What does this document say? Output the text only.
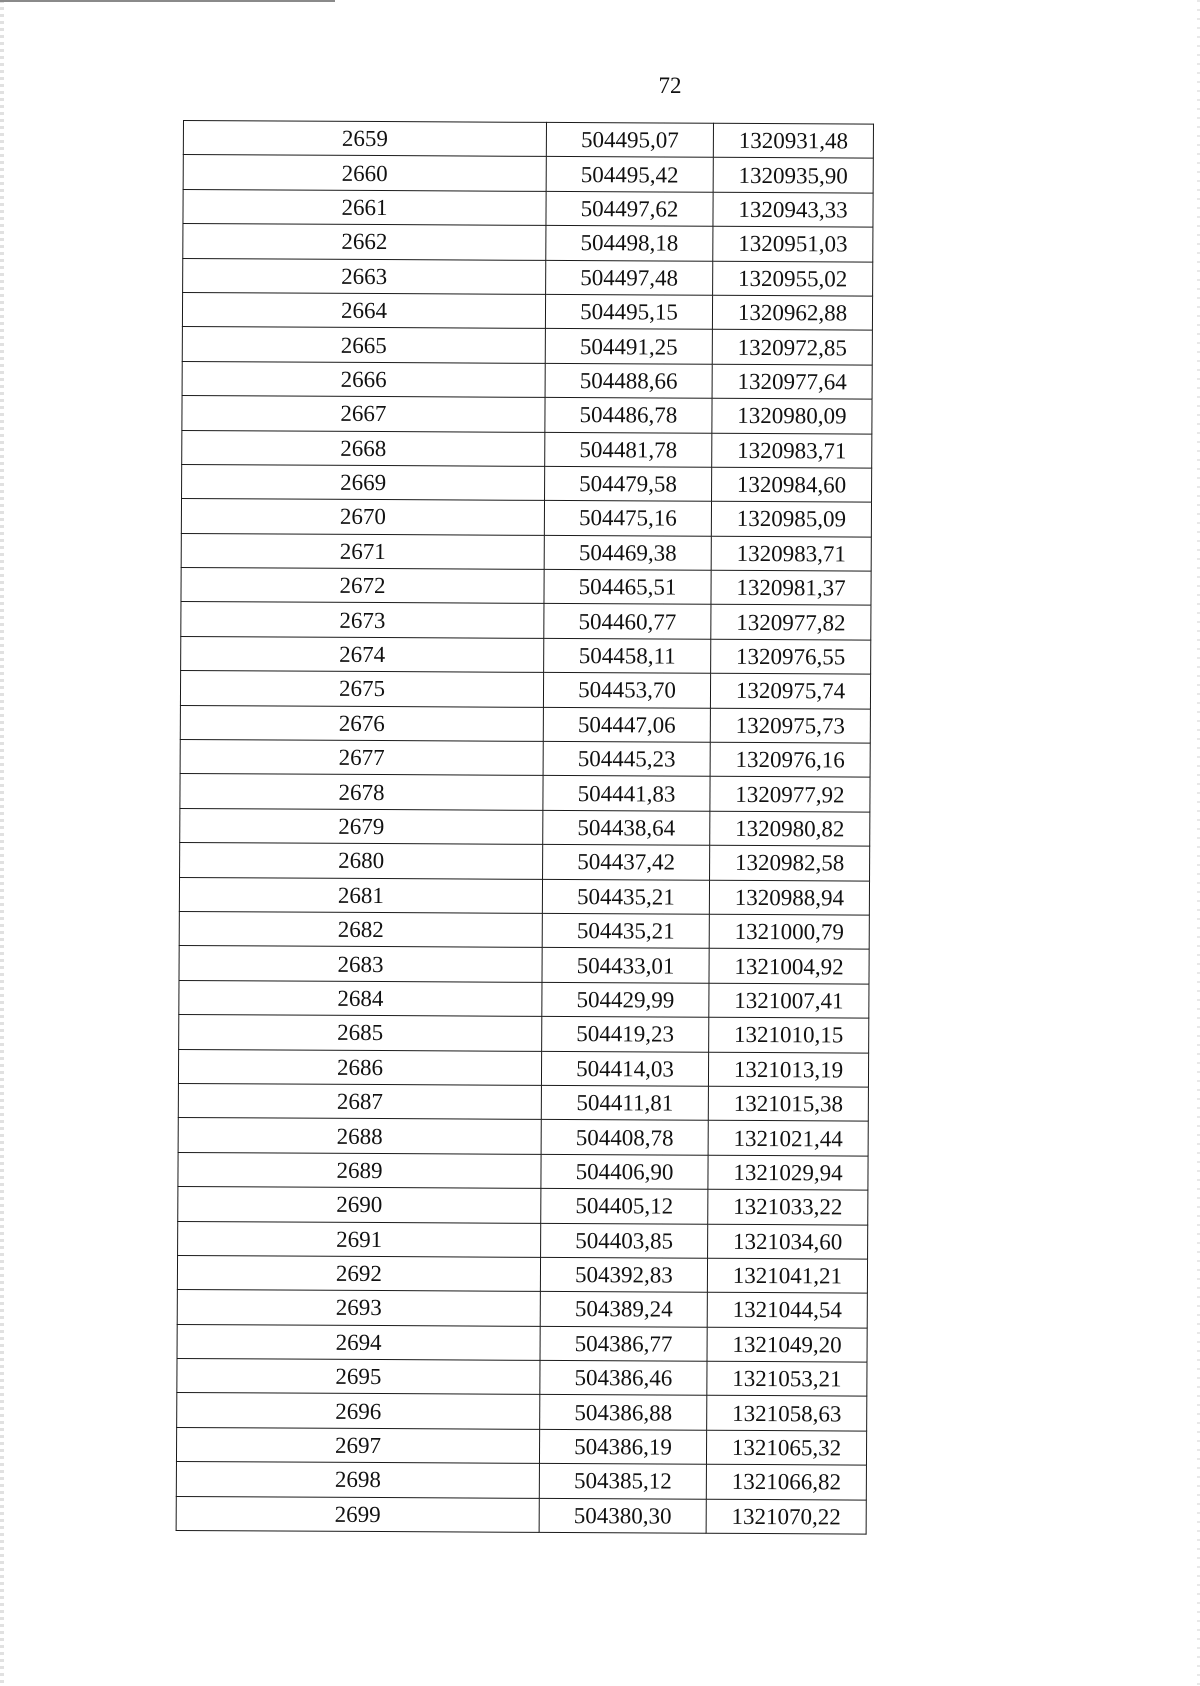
72
2659	504495,07	1320931,48
2660	504495,42	1320935,90
2661	504497,62	1320943,33
2662	504498,18	1320951,03
2663	504497,48	1320955,02
2664	504495,15	1320962,88
2665	504491,25	1320972,85
2666	504488,66	1320977,64
2667	504486,78	1320980,09
2668	504481,78	1320983,71
2669	504479,58	1320984,60
2670	504475,16	1320985,09
2671	504469,38	1320983,71
2672	504465,51	1320981,37
2673	504460,77	1320977,82
2674	504458,11	1320976,55
2675	504453,70	1320975,74
2676	504447,06	1320975,73
2677	504445,23	1320976,16
2678	504441,83	1320977,92
2679	504438,64	1320980,82
2680	504437,42	1320982,58
2681	504435,21	1320988,94
2682	504435,21	1321000,79
2683	504433,01	1321004,92
2684	504429,99	1321007,41
2685	504419,23	1321010,15
2686	504414,03	1321013,19
2687	504411,81	1321015,38
2688	504408,78	1321021,44
2689	504406,90	1321029,94
2690	504405,12	1321033,22
2691	504403,85	1321034,60
2692	504392,83	1321041,21
2693	504389,24	1321044,54
2694	504386,77	1321049,20
2695	504386,46	1321053,21
2696	504386,88	1321058,63
2697	504386,19	1321065,32
2698	504385,12	1321066,82
2699	504380,30	1321070,22
